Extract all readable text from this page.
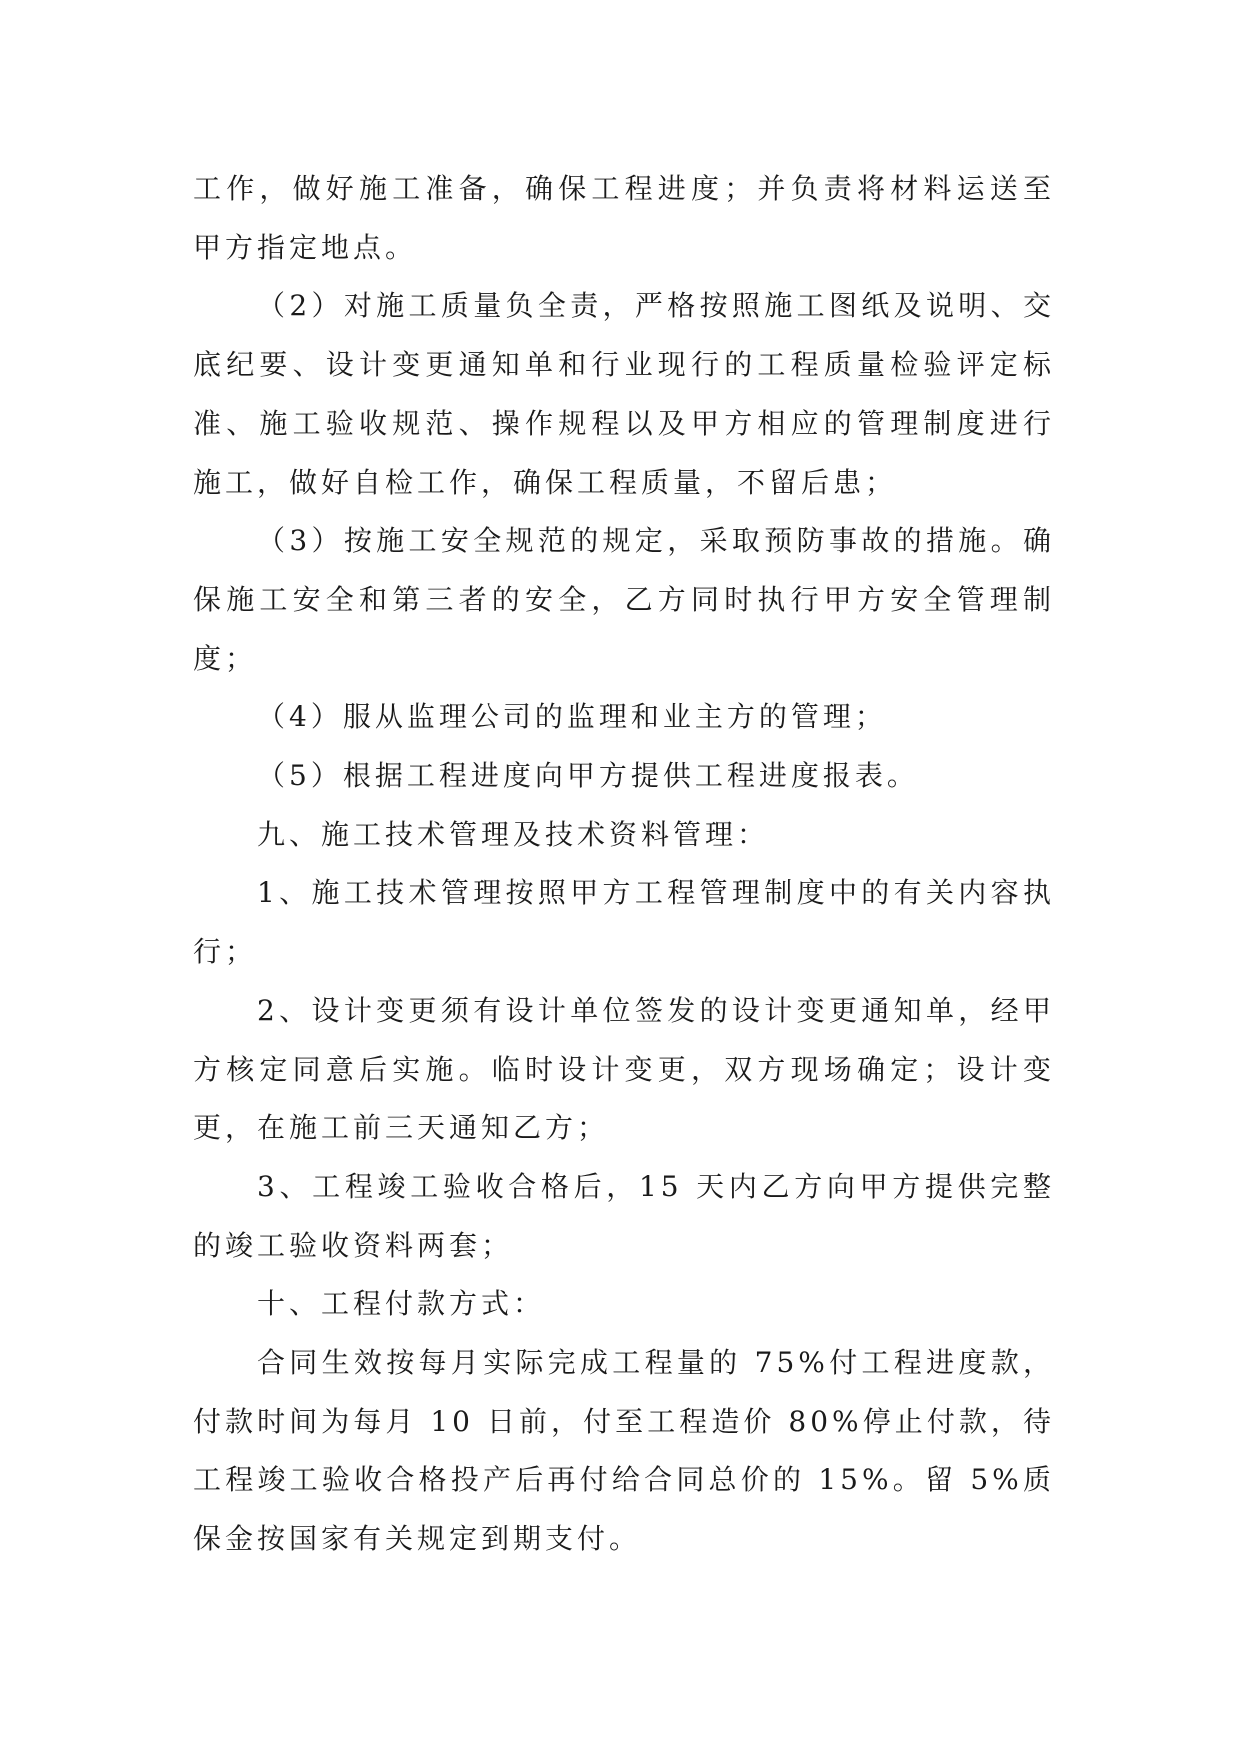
工作，做好施工准备，确保工程进度；并负责将材料运送至甲方指定地点。

（2）对施工质量负全责，严格按照施工图纸及说明、交底纪要、设计变更通知单和行业现行的工程质量检验评定标准、施工验收规范、操作规程以及甲方相应的管理制度进行施工，做好自检工作，确保工程质量，不留后患；

（3）按施工安全规范的规定，采取预防事故的措施。确保施工安全和第三者的安全，乙方同时执行甲方安全管理制度；

（4）服从监理公司的监理和业主方的管理；

（5）根据工程进度向甲方提供工程进度报表。

九、施工技术管理及技术资料管理：

1、施工技术管理按照甲方工程管理制度中的有关内容执行；

2、设计变更须有设计单位签发的设计变更通知单，经甲方核定同意后实施。临时设计变更，双方现场确定；设计变更，在施工前三天通知乙方；

3、工程竣工验收合格后，15 天内乙方向甲方提供完整的竣工验收资料两套；

十、工程付款方式：

合同生效按每月实际完成工程量的 75%付工程进度款，付款时间为每月 10 日前，付至工程造价 80%停止付款，待工程竣工验收合格投产后再付给合同总价的 15%。留 5%质保金按国家有关规定到期支付。
